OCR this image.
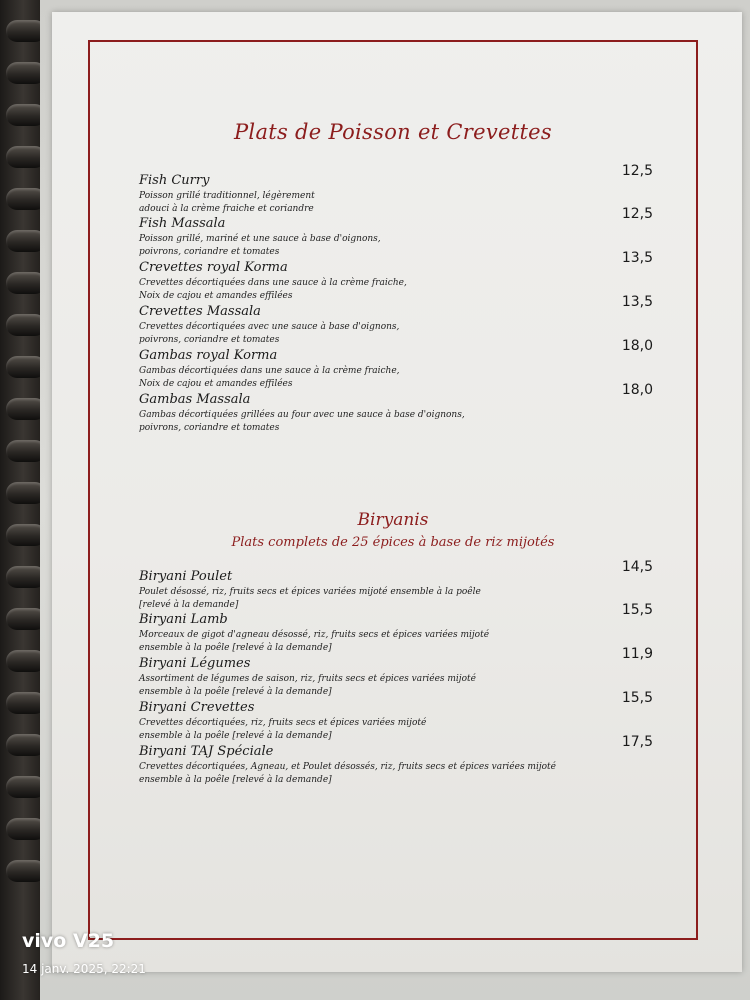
Plats de Poisson et Crevettes
Fish Curry
Poisson grillé traditionnel, légèrement
adouci à la crème fraiche et coriandre
12,5
Fish Massala
Poisson grillé, mariné et une sauce à base d'oignons,
poivrons, coriandre et tomates
12,5
Crevettes royal Korma
Crevettes décortiquées dans une sauce à la crème fraiche,
Noix de cajou et amandes effilées
13,5
Crevettes Massala
Crevettes décortiquées avec une sauce à base d'oignons,
poivrons, coriandre et tomates
13,5
Gambas royal Korma
Gambas décortiquées dans une sauce à la crème fraiche,
Noix de cajou et amandes effilées
18,0
Gambas Massala
Gambas décortiquées grillées au four avec une sauce à base d'oignons,
poivrons, coriandre et tomates
18,0
Biryanis
Plats complets de 25 épices à base de riz mijotés
Biryani Poulet
Poulet désossé, riz, fruits secs et épices variées mijoté ensemble à la poêle
[relevé à la demande]
14,5
Biryani Lamb
Morceaux de gigot d'agneau désossé, riz, fruits secs et épices variées mijoté
ensemble à la poêle [relevé à la demande]
15,5
Biryani Légumes
Assortiment de légumes de saison, riz, fruits secs et épices variées mijoté
ensemble à la poêle [relevé à la demande]
11,9
Biryani Crevettes
Crevettes décortiquées, riz, fruits secs et épices variées mijoté
ensemble à la poêle [relevé à la demande]
15,5
Biryani TAJ Spéciale
Crevettes décortiquées, Agneau, et Poulet désossés, riz, fruits secs et épices variées mijoté
ensemble à la poêle [relevé à la demande]
17,5
vivo V25
14 janv. 2025, 22:21
